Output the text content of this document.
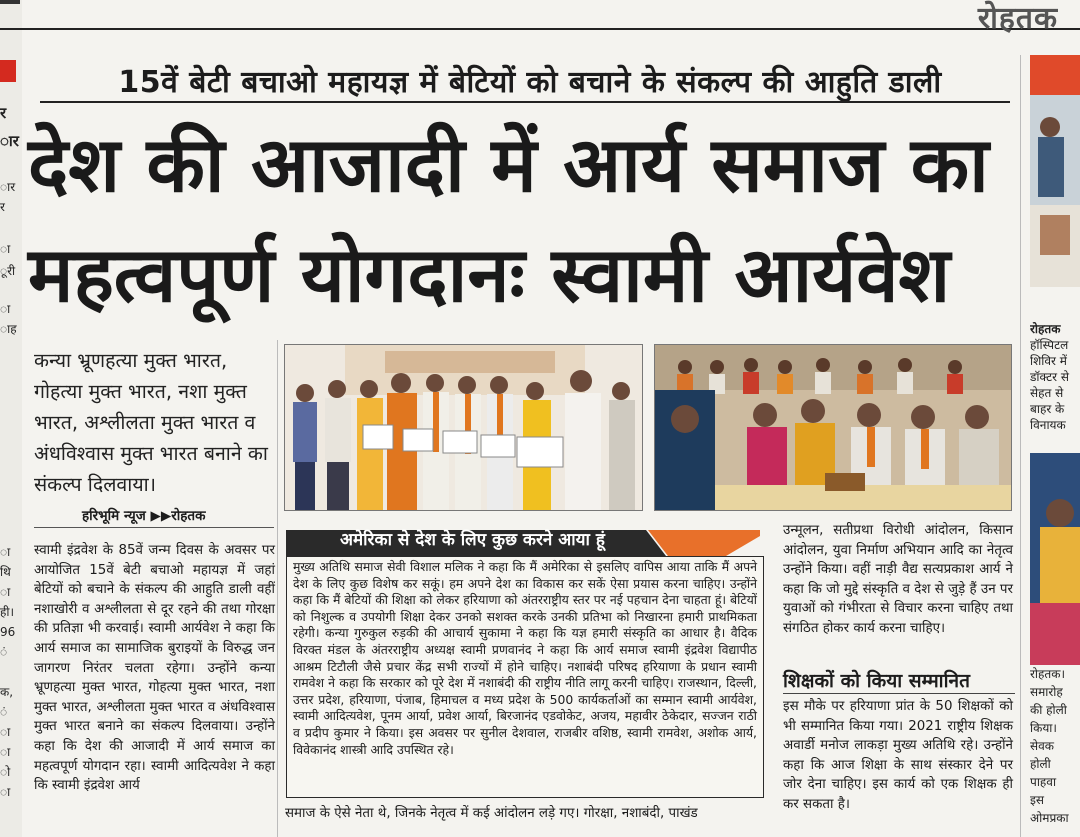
र
ार
ार
र
ा
ूरी
ा
ाह
ा
थि
ा
ही।
96
ं
क,
ं
ा
ा
ो
ा
रोहतक
15वें बेटी बचाओ महायज्ञ में बेटियों को बचाने के संकल्प की आहुति डाली
देश की आजादी में आर्य समाज का
महत्वपूर्ण योगदानः स्वामी आर्यवेश
कन्या भ्रूणहत्या मुक्त भारत, गोहत्या मुक्त भारत, नशा मुक्त भारत, अश्लीलता मुक्त भारत व अंधविश्वास मुक्त भारत बनाने का संकल्प दिलवाया।
हरिभूमि न्यूज ▶▶रोहतक
स्वामी इंद्रवेश के 85वें जन्म दिवस के अवसर पर आयोजित 15वें बेटी बचाओ महायज्ञ में जहां बेटियों को बचाने के संकल्प की आहुति डाली वहीं नशाखोरी व अश्लीलता से दूर रहने की तथा गोरक्षा की प्रतिज्ञा भी करवाई। स्वामी आर्यवेश ने कहा कि आर्य समाज का सामाजिक बुराइयों के विरुद्ध जन जागरण निरंतर चलता रहेगा। उन्होंने कन्या भ्रूणहत्या मुक्त भारत, गोहत्या मुक्त भारत, नशा मुक्त भारत, अश्लीलता मुक्त भारत व अंधविश्वास मुक्त भारत बनाने का संकल्प दिलवाया। उन्होंने कहा कि देश की आजादी में आर्य समाज का महत्वपूर्ण योगदान रहा। स्वामी आदित्यवेश ने कहा कि स्वामी इंद्रवेश आर्य
अमेरिका से देश के लिए कुछ करने आया हूं
मुख्य अतिथि समाज सेवी विशाल मलिक ने कहा कि मैं अमेरिका से इसलिए वापिस आया ताकि मैं अपने देश के लिए कुछ विशेष कर सकूं। हम अपने देश का विकास कर सकें ऐसा प्रयास करना चाहिए। उन्होंने कहा कि मैं बेटियों की शिक्षा को लेकर हरियाणा को अंतरराष्ट्रीय स्तर पर नई पहचान देना चाहता हूं। बेटियों को निशुल्क व उपयोगी शिक्षा देकर उनको सशक्त करके उनकी प्रतिभा को निखारना हमारी प्राथमिकता रहेगी। कन्या गुरुकुल रुड़की की आचार्य सुकामा ने कहा कि यज्ञ हमारी संस्कृति का आधार है। वैदिक विरक्त मंडल के अंतरराष्ट्रीय अध्यक्ष स्वामी प्रणवानंद ने कहा कि आर्य समाज स्वामी इंद्रवेश विद्यापीठ आश्रम टिटौली जैसे प्रचार केंद्र सभी राज्यों में होने चाहिए। नशाबंदी परिषद हरियाणा के प्रधान स्वामी रामवेश ने कहा कि सरकार को पूरे देश में नशाबंदी की राष्ट्रीय नीति लागू करनी चाहिए। राजस्थान, दिल्ली, उत्तर प्रदेश, हरियाणा, पंजाब, हिमाचल व मध्य प्रदेश के 500 कार्यकर्ताओं का सम्मान स्वामी आर्यवेश, स्वामी आदित्यवेश, पूनम आर्या, प्रवेश आर्या, बिरजानंद एडवोकेट, अजय, महावीर ठेकेदार, सज्जन राठी व प्रदीप कुमार ने किया। इस अवसर पर सुनील देशवाल, राजबीर वशिष्ठ, स्वामी रामवेश, अशोक आर्य, विवेकानंद शास्त्री आदि उपस्थित रहे।
समाज के ऐसे नेता थे, जिनके नेतृत्व में कई आंदोलन लड़े गए। गोरक्षा, नशाबंदी, पाखंड
उन्मूलन, सतीप्रथा विरोधी आंदोलन, किसान आंदोलन, युवा निर्माण अभियान आदि का नेतृत्व उन्होंने किया। वहीं नाड़ी वैद्य सत्यप्रकाश आर्य ने कहा कि जो मुद्दे संस्कृति व देश से जुड़े हैं उन पर युवाओं को गंभीरता से विचार करना चाहिए तथा संगठित होकर कार्य करना चाहिए।
शिक्षकों को किया सम्मानित
इस मौके पर हरियाणा प्रांत के 50 शिक्षकों को भी सम्मानित किया गया। 2021 राष्ट्रीय शिक्षक अवार्डी मनोज लाकड़ा मुख्य अतिथि रहे। उन्होंने कहा कि आज शिक्षा के साथ संस्कार देने पर जोर देना चाहिए। इस कार्य को एक शिक्षक ही कर सकता है।
रोहतक
हॉस्पिटल
शिविर में
डॉक्टर से
सेहत से
बाहर के
विनायक
रोहतक।
समारोह
की होली
किया।
सेवक
होली
पाहवा
इस
ओमप्रका
